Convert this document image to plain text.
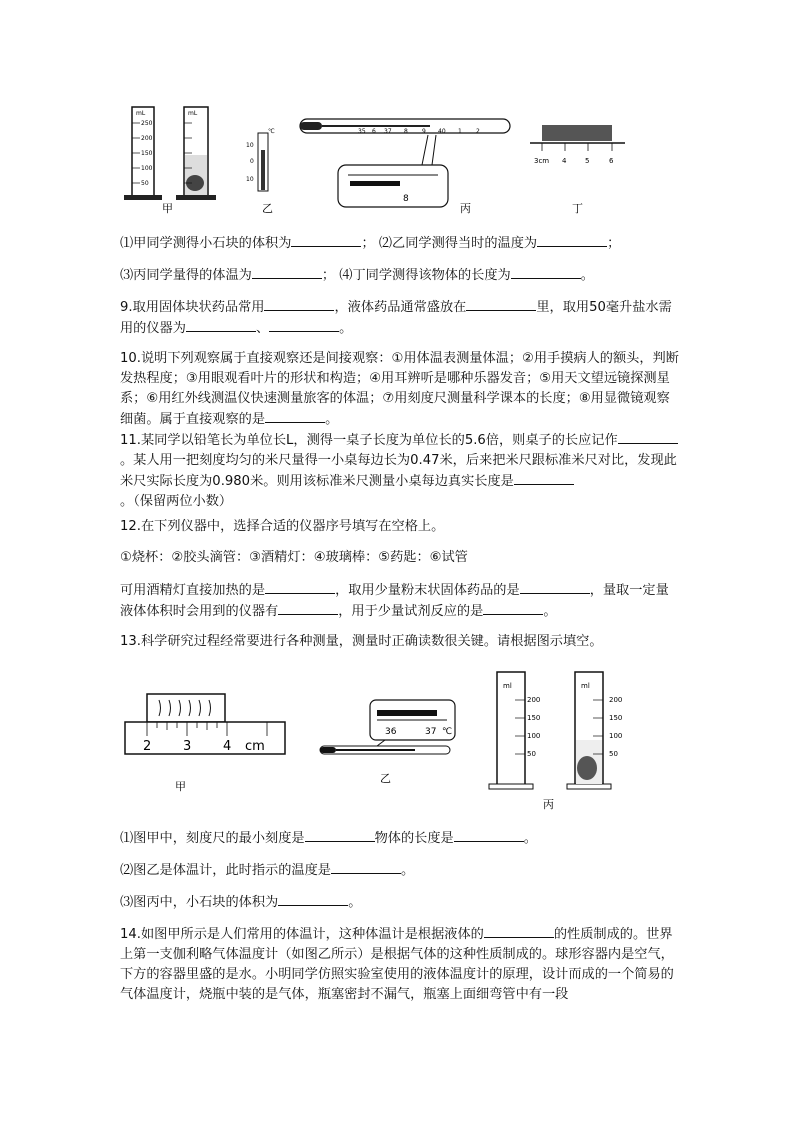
mL
250
200
150
100
50
mL
甲
℃
10
0
10
乙
35 6 37 8 9 40 1 2
8
丙
3cm 4	5	6
丁
⑴甲同学测得小石块的体积为	； ⑵乙同学测得当时的温度为	；
⑶丙同学量得的体温为	； ⑷丁同学测得该物体的长度为	。
9.取用固体块状药品常用	，液体药品通常盛放在	里，取用50毫升盐水需用的仪器为	、	。
10.说明下列观察属于直接观察还是间接观察：①用体温表测量体温；②用手摸病人的额头，判断发热程度；③用眼观看叶片的形状和构造；④用耳辨听是哪种乐器发音；⑤用天文望远镜探测星系；⑥用红外线测温仪快速测量旅客的体温；⑦用刻度尺测量科学课本的长度；⑧用显微镜观察细菌。属于直接观察的是	。
11.某同学以铅笔长为单位长L，测得一桌子长度为单位长的5.6倍，则桌子的长应记作。某人用一把刻度均匀的米尺量得一小桌每边长为0.47米，后来把米尺跟标准米尺对比，发现此米尺实际长度为0.980米。则用该标准米尺测量小桌每边真实长度是。（保留两位小数）
12.在下列仪器中，选择合适的仪器序号填写在空格上。
①烧杯：②胶头滴管：③酒精灯：④玻璃棒：⑤药匙：⑥试管
可用酒精灯直接加热的是	，取用少量粉末状固体药品的是	，量取一定量液体体积时会用到的仪器有	，用于少量试剂反应的是	。
13.科学研究过程经常要进行各种测量，测量时正确读数很关键。请根据图示填空。
2 3 4 cm
甲
36	37 ℃
乙
ml
200
150
100
50
ml
200
150
100
50
丙
⑴图甲中，刻度尺的最小刻度是	物体的长度是	。
⑵图乙是体温计，此时指示的温度是	。
⑶图丙中，小石块的体积为	。
14.如图甲所示是人们常用的体温计，这种体温计是根据液体的	的性质制成的。世界上第一支伽利略气体温度计（如图乙所示）是根据气体的这种性质制成的。球形容器内是空气，下方的容器里盛的是水。小明同学仿照实验室使用的液体温度计的原理，设计而成的一个简易的气体温度计，烧瓶中装的是气体，瓶塞密封不漏气，瓶塞上面细弯管中有一段
